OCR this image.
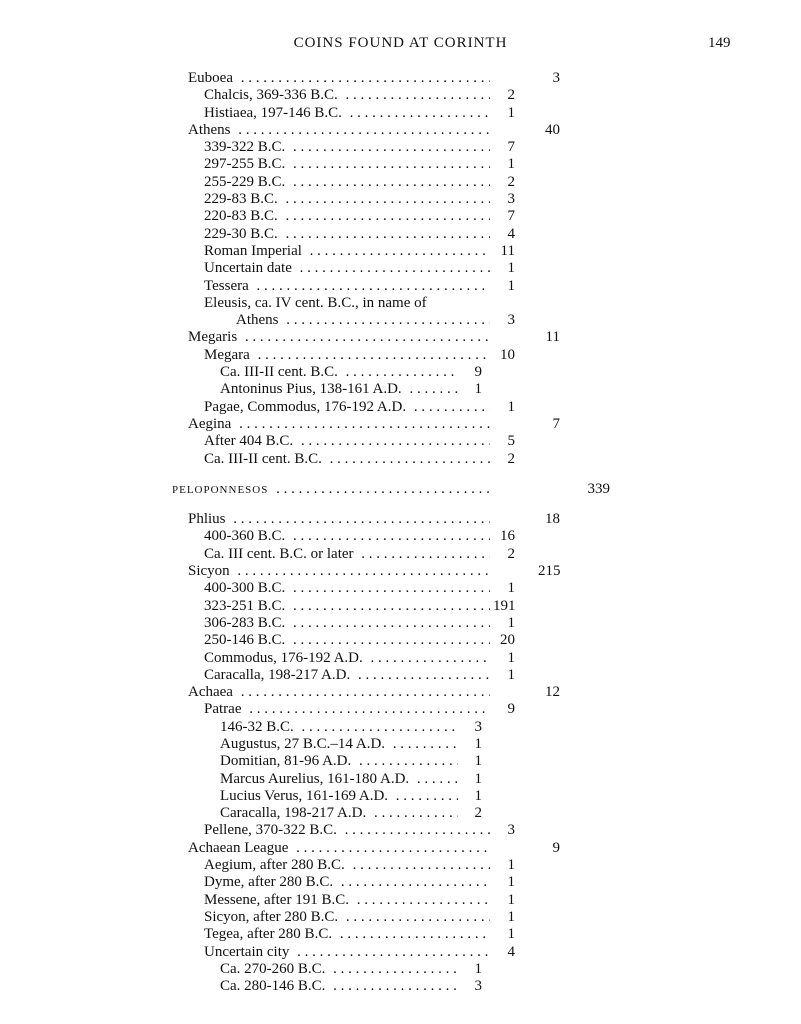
COINS FOUND AT CORINTH	149
Euboea . . .	3
Chalcis, 369-336 B.C. . . .	2
Histiaea, 197-146 B.C. . . .	1
Athens . . .	40
339-322 B.C. . . .	7
297-255 B.C. . . .	1
255-229 B.C. . . .	2
229-83 B.C. . . .	3
220-83 B.C. . . .	7
229-30 B.C. . . .	4
Roman Imperial . . .	11
Uncertain date . . .	1
Tessera . . .	1
Eleusis, ca. IV cent. B.C., in name of
Athens . . .	3
Megaris . . .	11
Megara . . .	10
Ca. III-II cent. B.C. . . .	9
Antoninus Pius, 138-161 A.D. . . .	1
Pagae, Commodus, 176-192 A.D. . . .	1
Aegina . . .	7
After 404 B.C. . . .	5
Ca. III-II cent. B.C. . . .	2
PELOPONNESOS . . .	339
Phlius . . .	18
400-360 B.C. . . .	16
Ca. III cent. B.C. or later . . .	2
Sicyon . . .	215
400-300 B.C. . . .	1
323-251 B.C. . . .	191
306-283 B.C. . . .	1
250-146 B.C. . . .	20
Commodus, 176-192 A.D. . . .	1
Caracalla, 198-217 A.D. . . .	1
Achaea . . .	12
Patrae . . .	9
146-32 B.C. . . .	3
Augustus, 27 B.C.–14 A.D. . . .	1
Domitian, 81-96 A.D. . . .	1
Marcus Aurelius, 161-180 A.D. . . .	1
Lucius Verus, 161-169 A.D. . . .	1
Caracalla, 198-217 A.D. . . .	2
Pellene, 370-322 B.C. . . .	3
Achaean League . . .	9
Aegium, after 280 B.C. . . .	1
Dyme, after 280 B.C. . . .	1
Messene, after 191 B.C. . . .	1
Sicyon, after 280 B.C. . . .	1
Tegea, after 280 B.C. . . .	1
Uncertain city . . .	4
Ca. 270-260 B.C. . . .	1
Ca. 280-146 B.C. . . .	3
